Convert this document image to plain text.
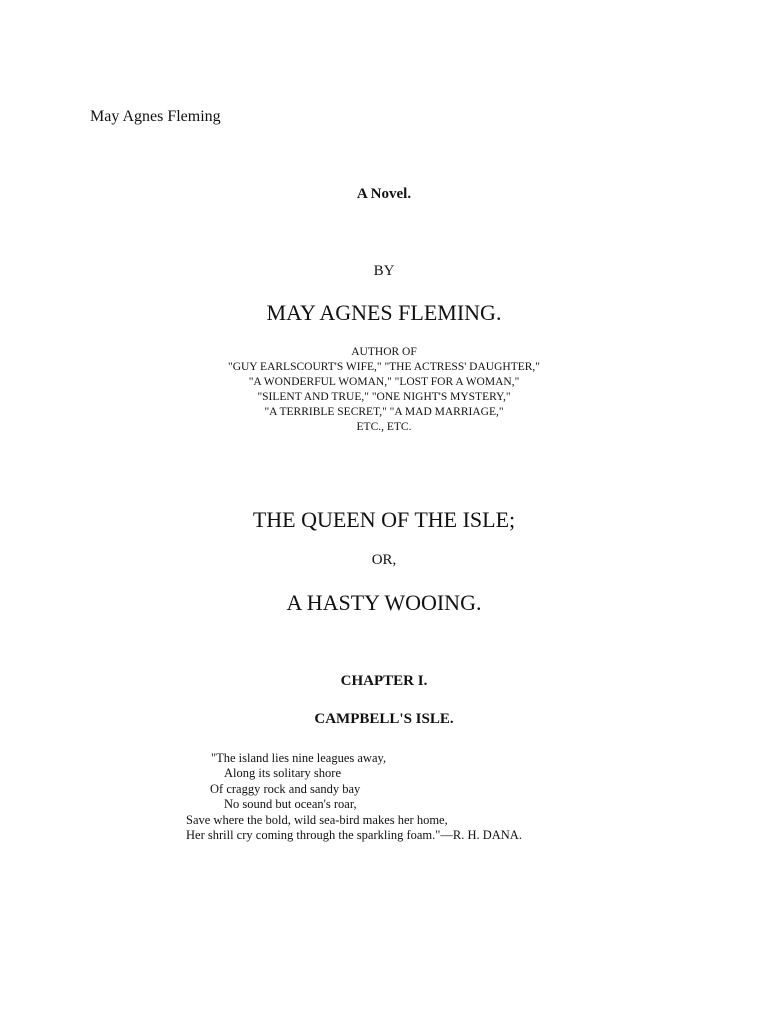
May Agnes Fleming
A Novel.
BY
MAY AGNES FLEMING.
AUTHOR OF
"GUY EARLSCOURT'S WIFE," "THE ACTRESS' DAUGHTER,"
"A WONDERFUL WOMAN," "LOST FOR A WOMAN,"
"SILENT AND TRUE," "ONE NIGHT'S MYSTERY,"
"A TERRIBLE SECRET," "A MAD MARRIAGE,"
ETC., ETC.
THE QUEEN OF THE ISLE;
OR,
A HASTY WOOING.
CHAPTER I.
CAMPBELL'S ISLE.
"The island lies nine leagues away,
Along its solitary shore
Of craggy rock and sandy bay
No sound but ocean's roar,
Save where the bold, wild sea-bird makes her home,
Her shrill cry coming through the sparkling foam."—R. H. DANA.
